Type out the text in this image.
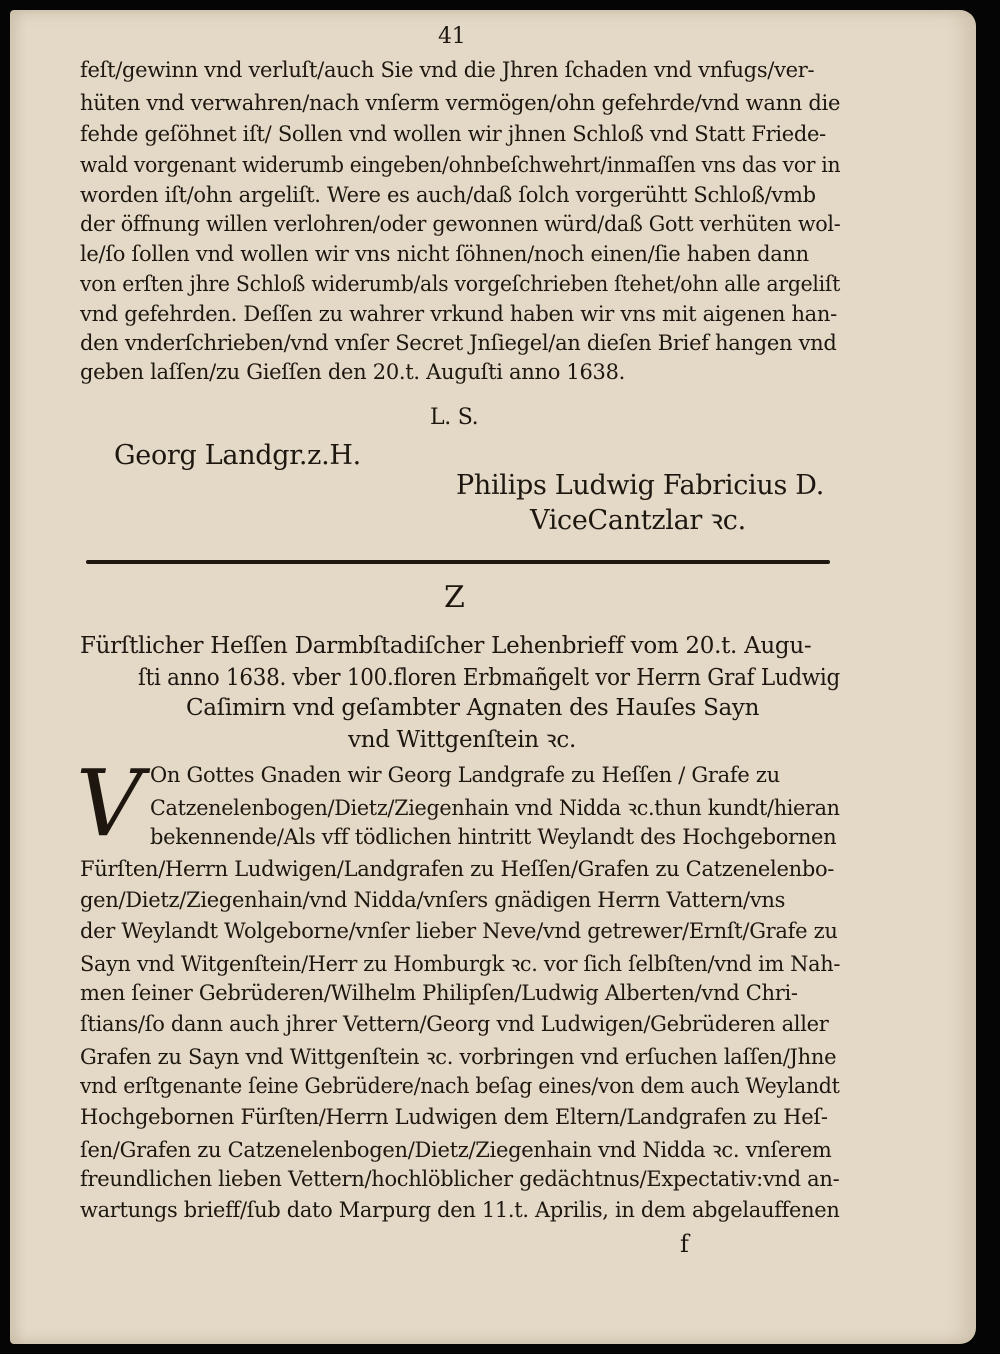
41
feſt/gewinn vnd verluſt/auch Sie vnd die Jhren ſchaden vnd vnfugs/ver-
hüten vnd verwahren/nach vnſerm vermögen/ohn gefehrde/vnd wann die
fehde geſöhnet iſt/ Sollen vnd wollen wir jhnen Schloß vnd Statt Friede-
wald vorgenant widerumb eingeben/ohnbeſchwehrt/inmaſſen vns das vor in
worden iſt/ohn argeliſt. Were es auch/daß ſolch vorgerühtt Schloß/vmb
der öffnung willen verlohren/oder gewonnen würd/daß Gott verhüten wol-
le/ſo ſollen vnd wollen wir vns nicht ſöhnen/noch einen/ſie haben dann
von erſten jhre Schloß widerumb/als vorgeſchrieben ſtehet/ohn alle argeliſt
vnd gefehrden. Deſſen zu wahrer vrkund haben wir vns mit aigenen han-
den vnderſchrieben/vnd vnſer Secret Jnſiegel/an dieſen Brief hangen vnd
geben laſſen/zu Gieſſen den 20.t. Auguſti anno 1638.
L. S.
Georg Landgr.z.H.
Philips Ludwig Fabricius D.
ViceCantzlar ꝛc.
Z
Fürſtlicher Heſſen Darmbſtadiſcher Lehenbrieff vom 20.t. Augu-
ſti anno 1638. vber 100.floren Erbmañgelt vor Herrn Graf Ludwig
Caſimirn vnd geſambter Agnaten des Hauſes Sayn
vnd Wittgenſtein ꝛc.
V On Gottes Gnaden wir Georg Landgrafe zu Heſſen / Grafe zu
Catzenelenbogen/Dietz/Ziegenhain vnd Nidda ꝛc.thun kundt/hieran
bekennende/Als vff tödlichen hintritt Weylandt des Hochgebornen
Fürſten/Herrn Ludwigen/Landgrafen zu Heſſen/Grafen zu Catzenelenbo-
gen/Dietz/Ziegenhain/vnd Nidda/vnſers gnädigen Herrn Vattern/vns
der Weylandt Wolgeborne/vnſer lieber Neve/vnd getrewer/Ernſt/Grafe zu
Sayn vnd Witgenſtein/Herr zu Homburgk ꝛc. vor ſich ſelbſten/vnd im Nah-
men ſeiner Gebrüderen/Wilhelm Philipſen/Ludwig Alberten/vnd Chri-
ſtians/ſo dann auch jhrer Vettern/Georg vnd Ludwigen/Gebrüderen aller
Grafen zu Sayn vnd Wittgenſtein ꝛc. vorbringen vnd erſuchen laſſen/Jhne
vnd erſtgenante ſeine Gebrüdere/nach beſag eines/von dem auch Weylandt
Hochgebornen Fürſten/Herrn Ludwigen dem Eltern/Landgrafen zu Heſ-
ſen/Grafen zu Catzenelenbogen/Dietz/Ziegenhain vnd Nidda ꝛc. vnſerem
freundlichen lieben Vettern/hochlöblicher gedächtnus/Expectativ:vnd an-
wartungs brieff/ſub dato Marpurg den 11.t. Aprilis, in dem abgelauffenen
f
